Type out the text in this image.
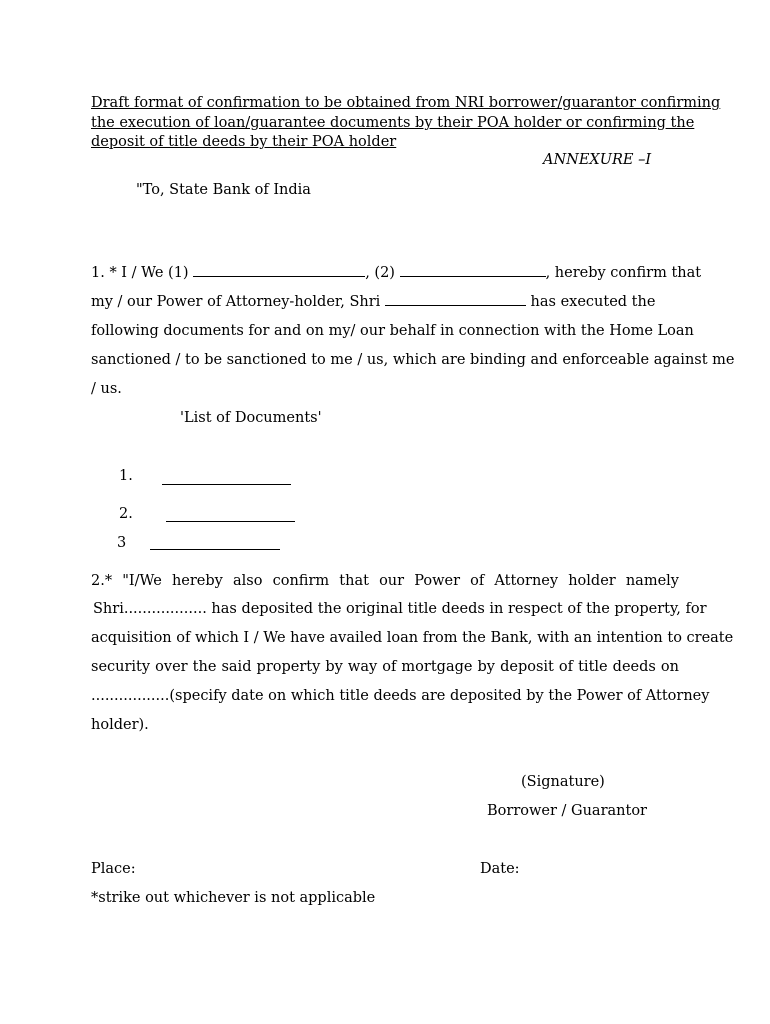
Draft format of confirmation to be obtained from NRI borrower/guarantor confirming
the execution of loan/guarantee documents by their POA holder or confirming the
deposit of title deeds by their POA holder
ANNEXURE –I
"To, State Bank of India
1. * I / We (1)	, (2)	, hereby confirm that
my / our Power of Attorney-holder, Shri	has executed the
following documents for and on my/ our behalf in connection with the Home Loan
sanctioned / to be sanctioned to me / us, which are binding and enforceable against me
/ us.
'List of Documents'
1.
2.
3
2.* "I/We hereby also confirm that our Power of Attorney holder namely
Shri.................. has deposited the original title deeds in respect of the property, for
acquisition of which I / We have availed loan from the Bank, with an intention to create
security over the said property by way of mortgage by deposit of title deeds on
.................(specify date on which title deeds are deposited by the Power of Attorney
holder).
(Signature)
Borrower / Guarantor
Place:	Date:
*strike out whichever is not applicable
